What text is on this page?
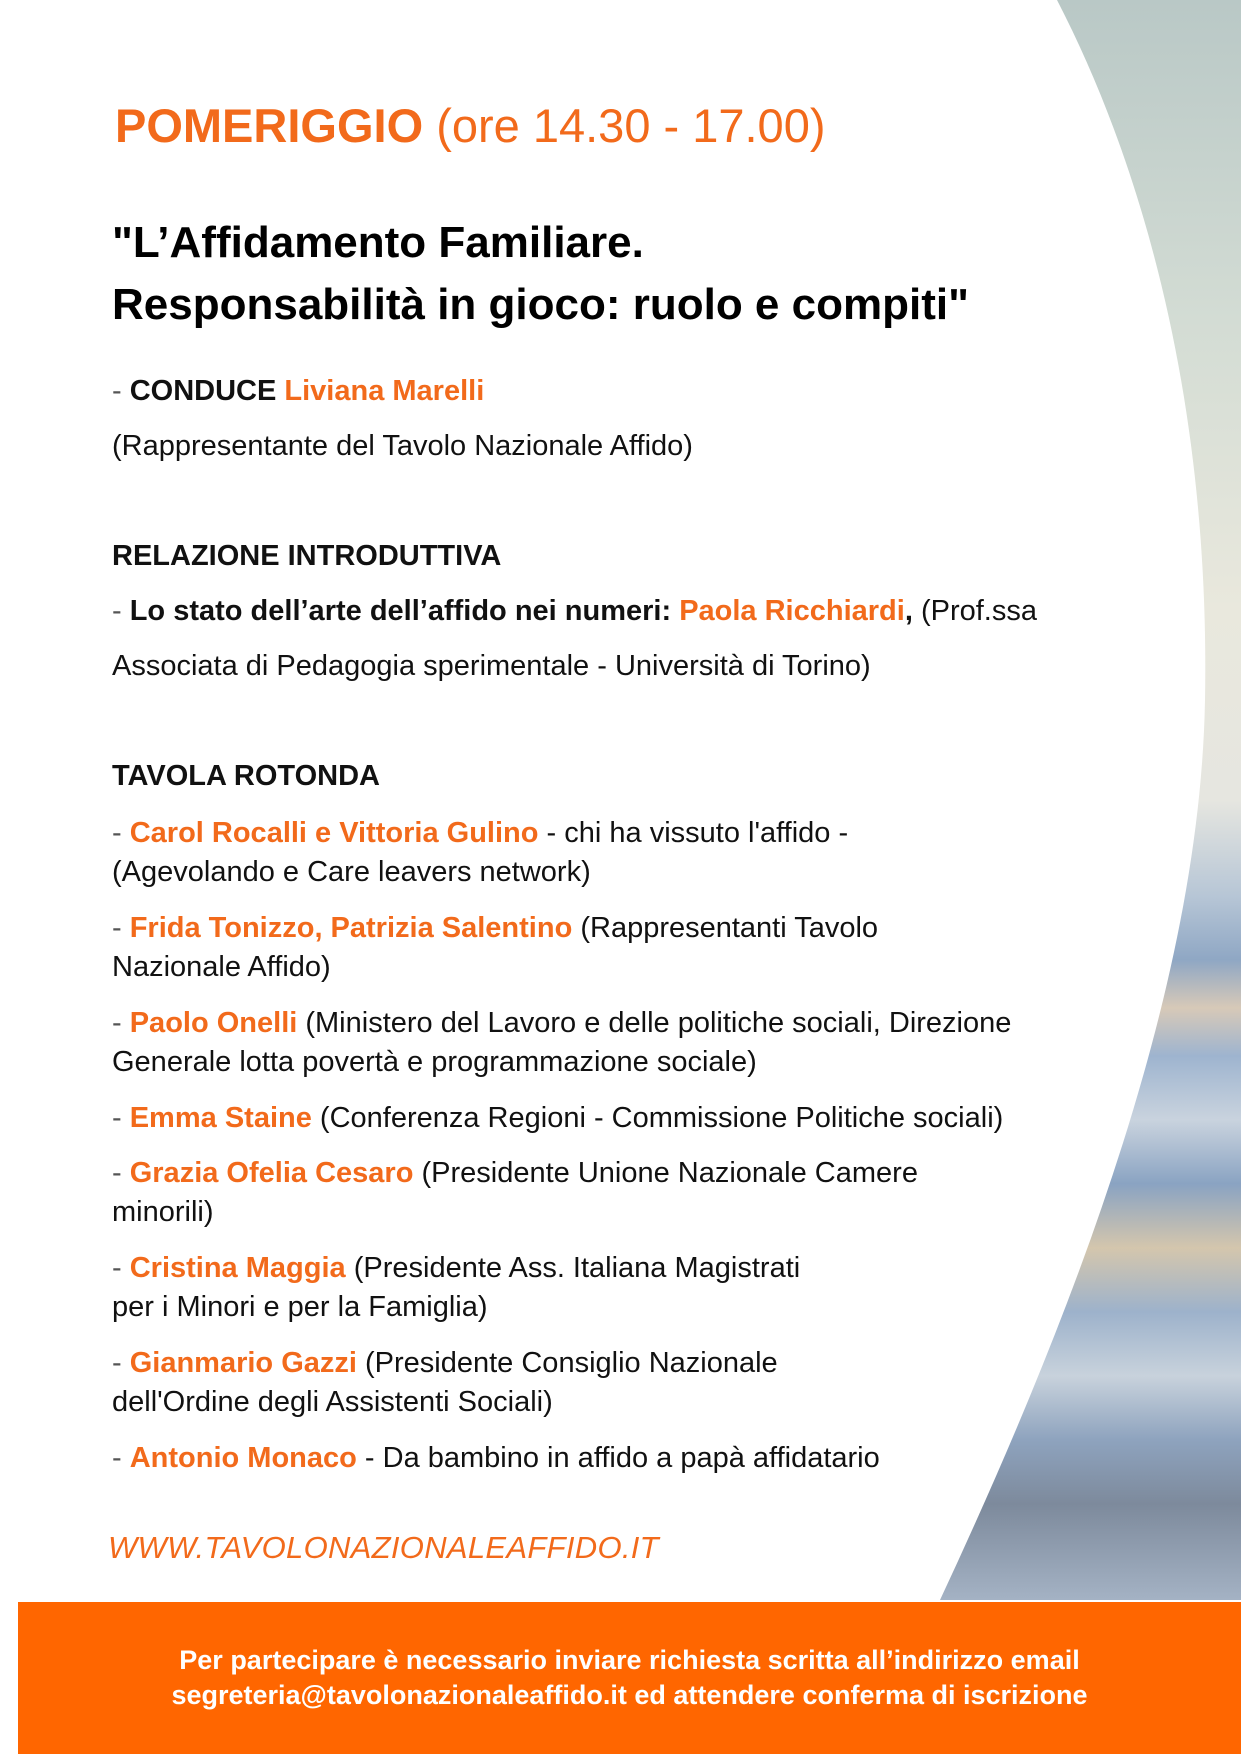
POMERIGGIO (ore 14.30 - 17.00)
"L’Affidamento Familiare.
Responsabilità in gioco: ruolo e compiti"
- CONDUCE Liviana Marelli
(Rappresentante del Tavolo Nazionale Affido)
RELAZIONE INTRODUTTIVA
- Lo stato dell’arte dell’affido nei numeri: Paola Ricchiardi, (Prof.ssa
Associata di Pedagogia sperimentale - Università di Torino)
TAVOLA ROTONDA
- Carol Rocalli e Vittoria Gulino - chi ha vissuto l'affido -
(Agevolando e Care leavers network)
- Frida Tonizzo, Patrizia Salentino (Rappresentanti Tavolo
Nazionale Affido)
- Paolo Onelli (Ministero del Lavoro e delle politiche sociali, Direzione
Generale lotta povertà e programmazione sociale)
- Emma Staine (Conferenza Regioni - Commissione Politiche sociali)
- Grazia Ofelia Cesaro (Presidente Unione Nazionale Camere
minorili)
- Cristina Maggia (Presidente Ass. Italiana Magistrati
per i Minori e per la Famiglia)
- Gianmario Gazzi (Presidente Consiglio Nazionale
dell'Ordine degli Assistenti Sociali)
- Antonio Monaco - Da bambino in affido a papà affidatario
WWW.TAVOLONAZIONALEAFFIDO.IT
Per partecipare è necessario inviare richiesta scritta all’indirizzo email
segreteria@tavolonazionaleaffido.it ed attendere conferma di iscrizione
